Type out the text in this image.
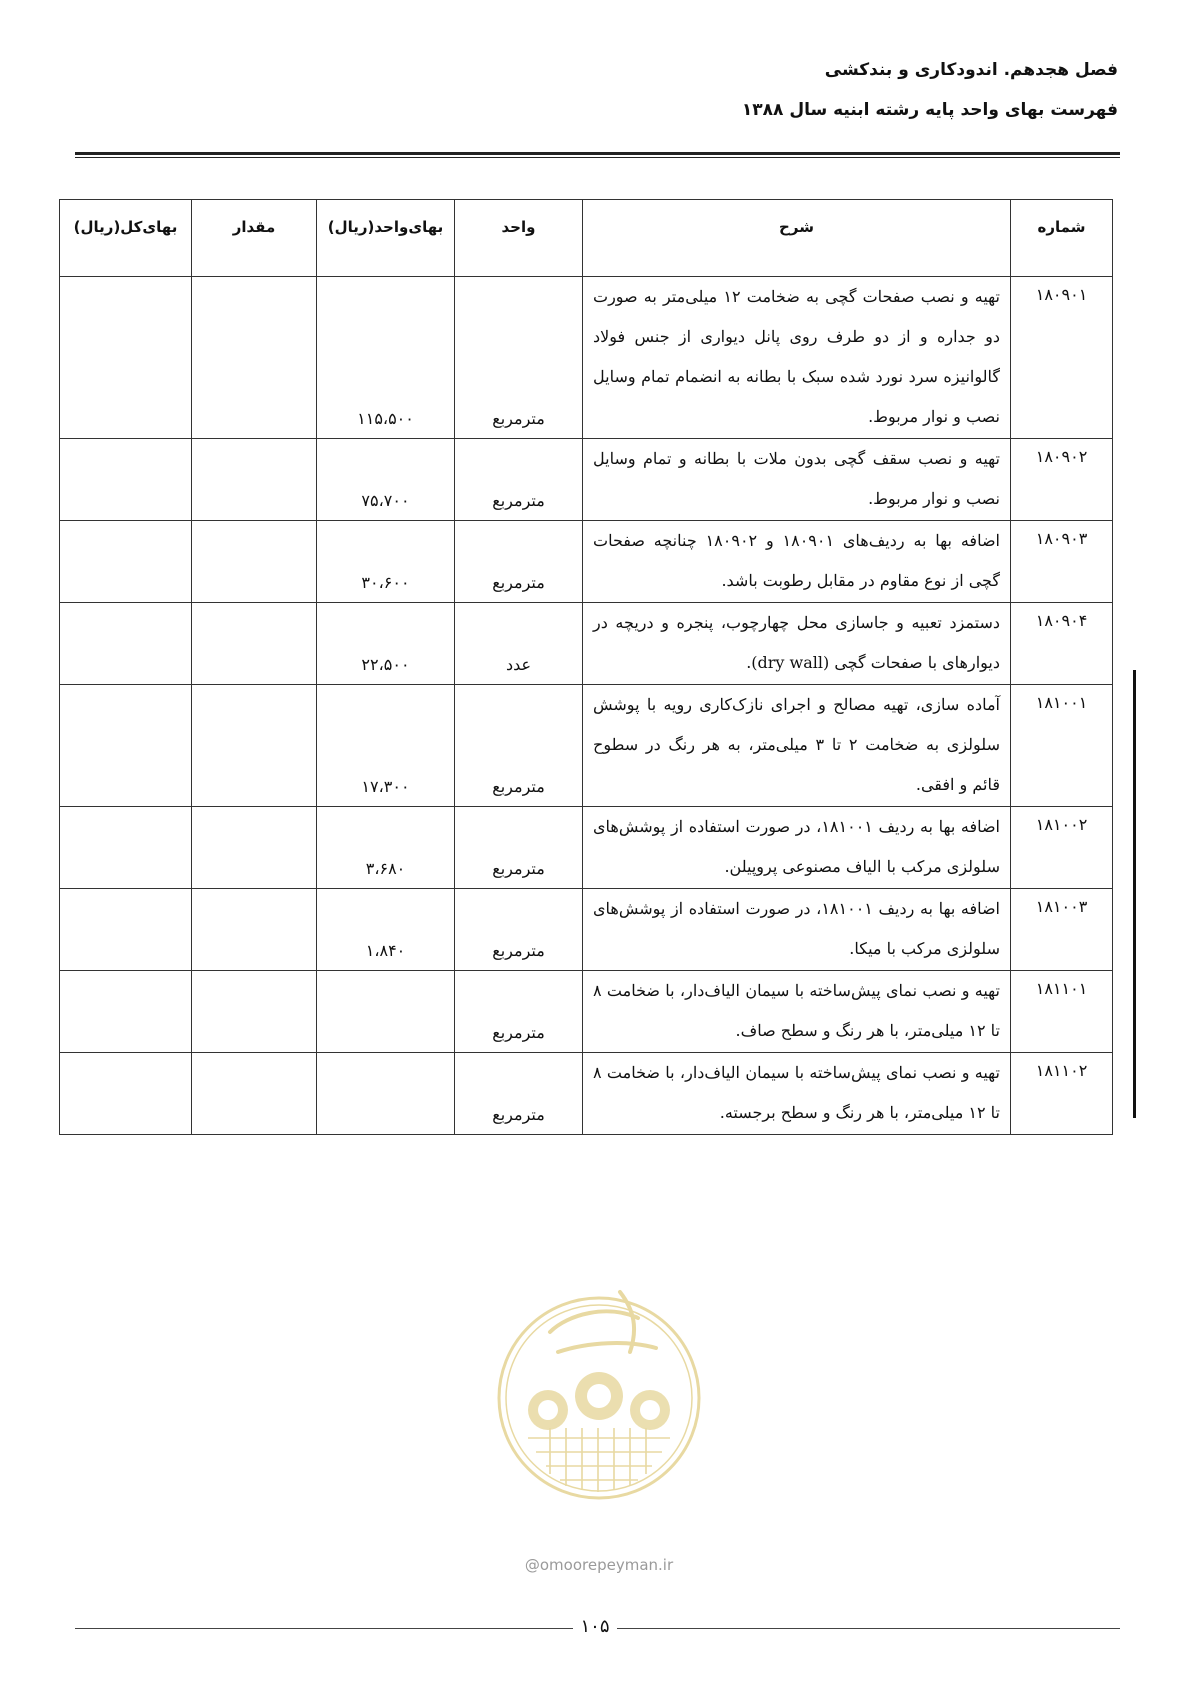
فصل هجدهم. اندودکاری و بندکشی

فهرست بهای واحد پایه رشته ابنیه سال ۱۳۸۸

شماره	شرح	واحد	بهای‌واحد(ریال)	مقدار	بهای‌کل(ریال)
۱۸۰۹۰۱	تهیه و نصب صفحات گچی به ضخامت ۱۲ میلی‌متر به صورت دو جداره و از دو طرف روی پانل دیواری از جنس فولاد گالوانیزه سرد نورد شده سبک با بطانه به انضمام تمام وسایل نصب و نوار مربوط.	مترمربع	۱۱۵،۵۰۰		
۱۸۰۹۰۲	تهیه و نصب سقف گچی بدون ملات با بطانه و تمام وسایل نصب و نوار مربوط.	مترمربع	۷۵،۷۰۰		
۱۸۰۹۰۳	اضافه بها به ردیف‌های ۱۸۰۹۰۱ و ۱۸۰۹۰۲ چنانچه صفحات گچی از نوع مقاوم در مقابل رطوبت باشد.	مترمربع	۳۰،۶۰۰		
۱۸۰۹۰۴	دستمزد تعبیه و جاسازی محل چهارچوب، پنجره و دریچه در دیوارهای با صفحات گچی (dry wall).	عدد	۲۲،۵۰۰		
۱۸۱۰۰۱	آماده سازی، تهیه مصالح و اجرای نازک‌کاری رویه با پوشش سلولزی به ضخامت ۲ تا ۳ میلی‌متر، به هر رنگ در سطوح قائم و افقی.	مترمربع	۱۷،۳۰۰		
۱۸۱۰۰۲	اضافه بها به ردیف ۱۸۱۰۰۱، در صورت استفاده از پوشش‌های سلولزی مرکب با الیاف مصنوعی پروپیلن.	مترمربع	۳،۶۸۰		
۱۸۱۰۰۳	اضافه بها به ردیف ۱۸۱۰۰۱، در صورت استفاده از پوشش‌های سلولزی مرکب با میکا.	مترمربع	۱،۸۴۰		
۱۸۱۱۰۱	تهیه و نصب نمای پیش‌ساخته با سیمان الیاف‌دار، با ضخامت ۸ تا ۱۲ میلی‌متر، با هر رنگ و سطح صاف.	مترمربع			
۱۸۱۱۰۲	تهیه و نصب نمای پیش‌ساخته با سیمان الیاف‌دار، با ضخامت ۸ تا ۱۲ میلی‌متر، با هر رنگ و سطح برجسته.	مترمربع			
@omoorepeyman.ir
۱۰۵
